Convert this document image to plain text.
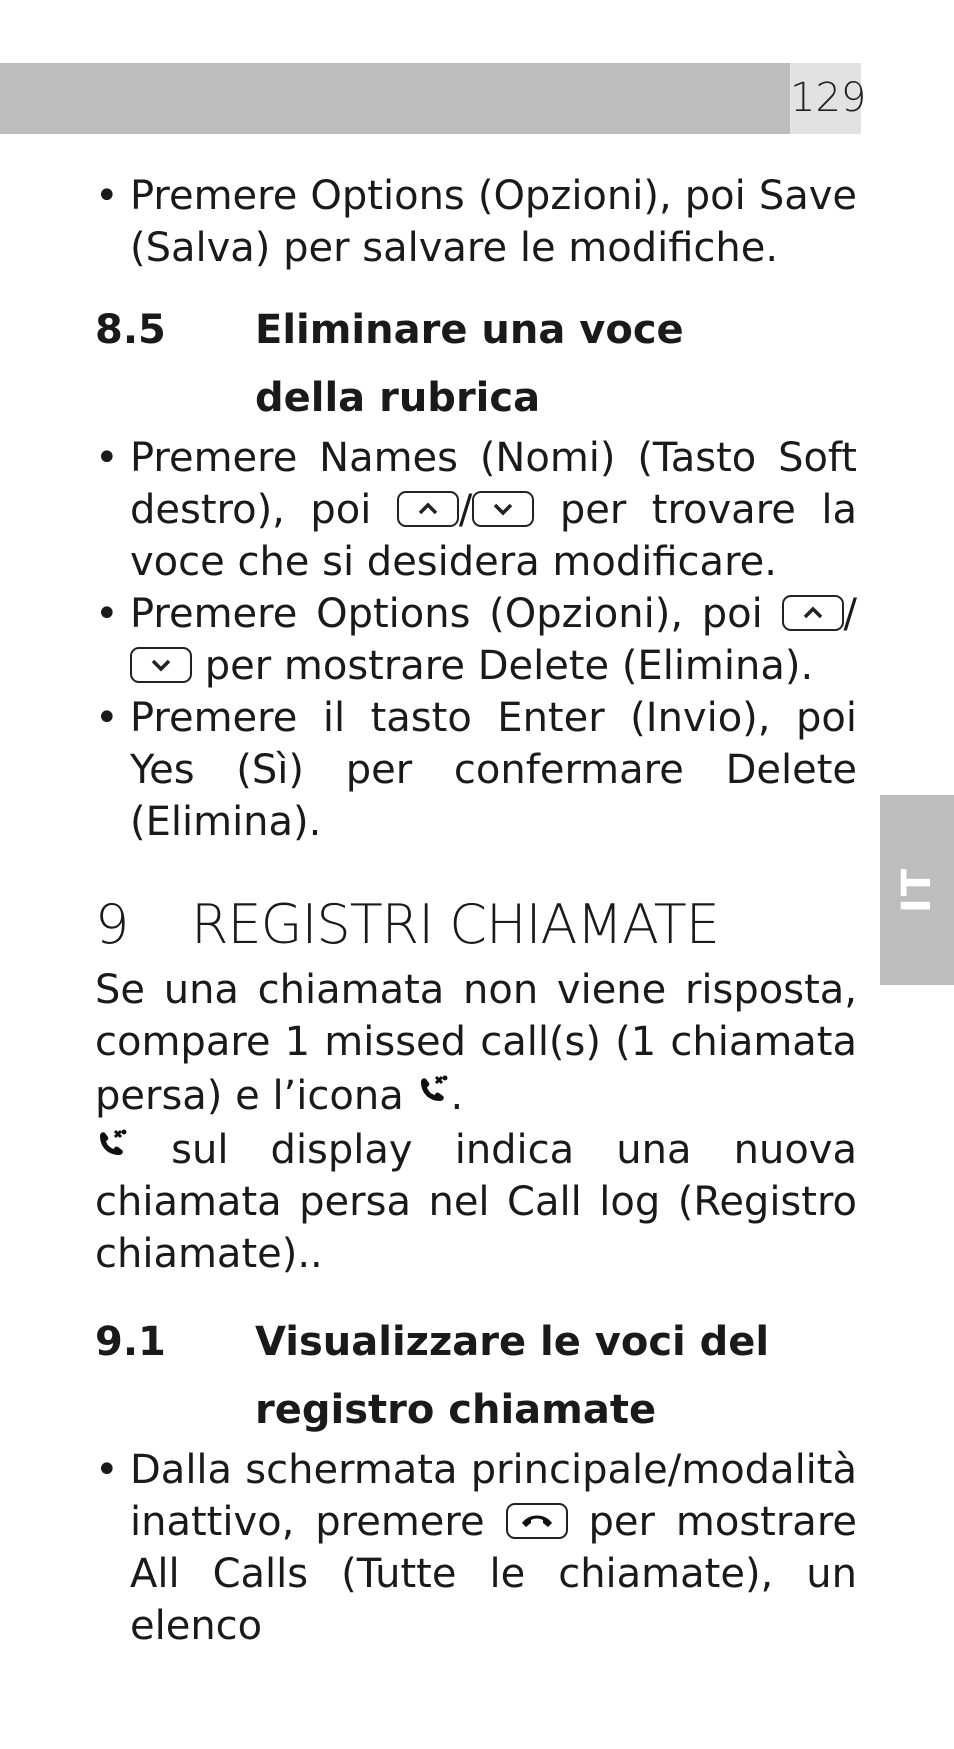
129
IT
• Premere Options (Opzioni), poi Save (Salva) per salvare le modifiche.
8.5 Eliminare una voce
della rubrica
• Premere Names (Nomi) (Tasto Soft destro), poi / per trovare la voce che si desidera modificare.
• Premere Options (Opzioni), poi /
per mostrare Delete (Elimina).
• Premere il tasto Enter (Invio), poi Yes (Sì) per confermare Delete (Elimina).
9 REGISTRI CHIAMATE
Se una chiamata non viene risposta, compare 1 missed call(s) (1 chiamata persa) e l’icona .
sul display indica una nuova chiamata persa nel Call log (Registro chiamate)..
9.1 Visualizzare le voci del
registro chiamate
• Dalla schermata principale/modalità inattivo, premere	per mostrare All Calls (Tutte le chiamate), un elenco
